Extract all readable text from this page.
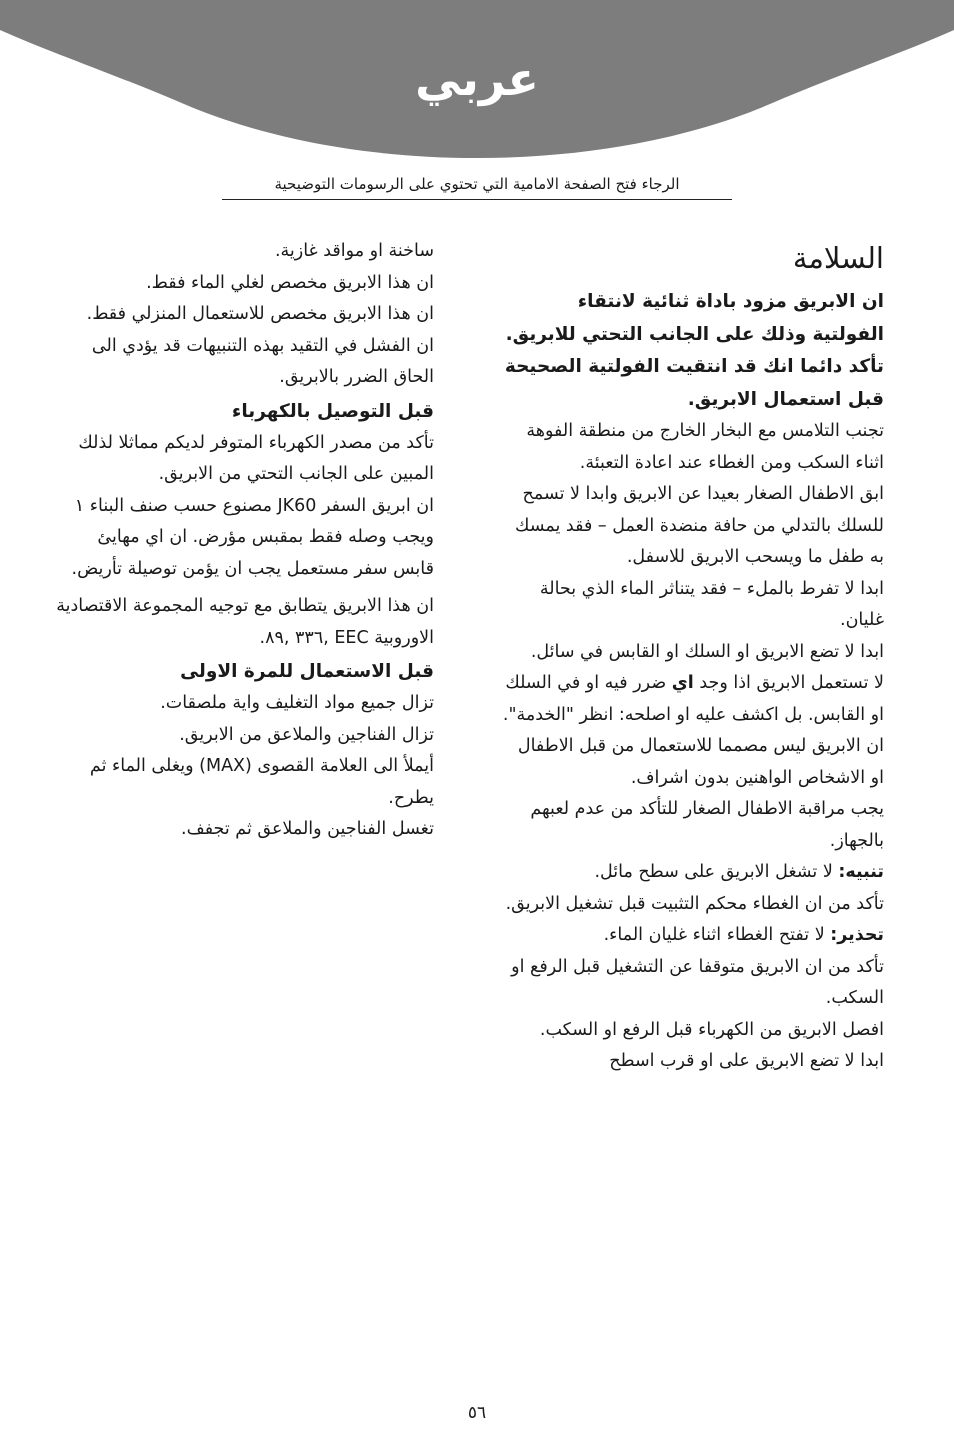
عربي
الرجاء فتح الصفحة الامامية التي تحتوي على الرسومات التوضيحية
السلامة

ان الابريق مزود باداة ثنائية لانتقاء الفولتية وذلك على الجانب التحتي للابريق. تأكد دائما انك قد انتقيت الفولتية الصحيحة قبل استعمال الابريق.

تجنب التلامس مع البخار الخارج من منطقة الفوهة اثناء السكب ومن الغطاء عند اعادة التعبئة.

ابق الاطفال الصغار بعيدا عن الابريق وابدا لا تسمح للسلك بالتدلي من حافة منضدة العمل – فقد يمسك به طفل ما ويسحب الابريق للاسفل.

ابدا لا تفرط بالملء – فقد يتناثر الماء الذي بحالة غليان.

ابدا لا تضع الابريق او السلك او القابس في سائل.

لا تستعمل الابريق اذا وجد اي ضرر فيه او في السلك او القابس. بل اكشف عليه او اصلحه: انظر "الخدمة".

ان الابريق ليس مصمما للاستعمال من قبل الاطفال او الاشخاص الواهنين بدون اشراف.

يجب مراقبة الاطفال الصغار للتأكد من عدم لعبهم بالجهاز.

تنبيه: لا تشغل الابريق على سطح مائل.

تأكد من ان الغطاء محكم التثبيت قبل تشغيل الابريق.

تحذير: لا تفتح الغطاء اثناء غليان الماء.

تأكد من ان الابريق متوقفا عن التشغيل قبل الرفع او السكب.

افصل الابريق من الكهرباء قبل الرفع او السكب.

ابدا لا تضع الابريق على او قرب اسطح

ساخنة او مواقد غازية.

ان هذا الابريق مخصص لغلي الماء فقط.

ان هذا الابريق مخصص للاستعمال المنزلي فقط.

ان الفشل في التقيد بهذه التنبيهات قد يؤدي الى الحاق الضرر بالابريق.

قبل التوصيل بالكهرباء

تأكد من مصدر الكهرباء المتوفر لديكم مماثلا لذلك المبين على الجانب التحتي من الابريق.

ان ابريق السفر JK60 مصنوع حسب صنف البناء ١ ويجب وصله فقط بمقبس مؤرض. ان اي مهايئ قابس سفر مستعمل يجب ان يؤمن توصيلة تأريض.

ان هذا الابريق يتطابق مع توجيه المجموعة الاقتصادية الاوروبية EEC ,٣٣٦ ,٨٩.

قبل الاستعمال للمرة الاولى

تزال جميع مواد التغليف واية ملصقات.

تزال الفناجين والملاعق من الابريق.

أيملأ الى العلامة القصوى (MAX) ويغلى الماء ثم يطرح.

تغسل الفناجين والملاعق ثم تجفف.

٥٦
